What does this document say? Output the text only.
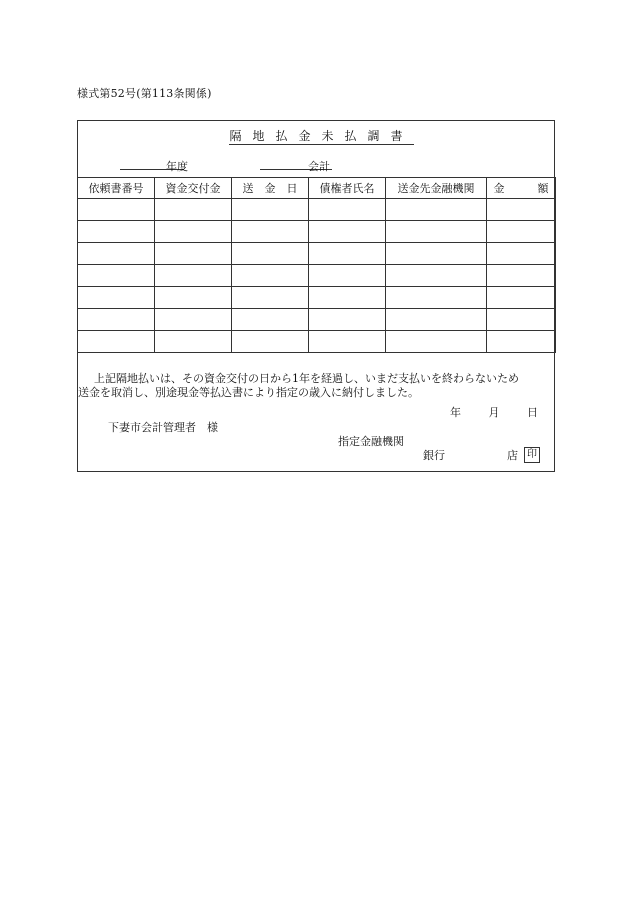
様式第52号(第113条関係)
隔地払金未払調書
年度	会計
依頼書番号	資金交付金	送　金　日	債権者氏名	送金先金融機関	金　　　額

上記隔地払いは、その資金交付の日から1年を経過し、いまだ支払いを終わらないため

送金を取消し、別途現金等払込書により指定の歳入に納付しました。

年	月	日
下妻市会計管理者　様
指定金融機関
銀行	店 印
